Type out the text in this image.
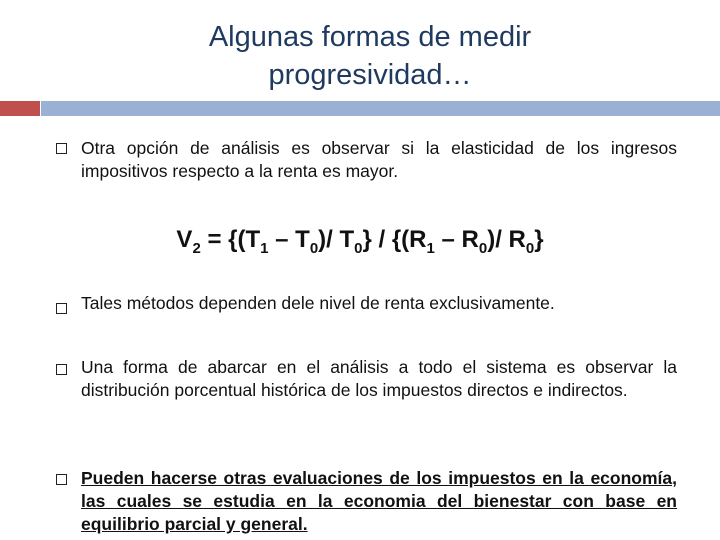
Algunas formas de medir
progresividad…
Otra opción de análisis es observar si la elasticidad de los ingresos impositivos respecto a la renta es mayor.
$V_2 = \{(T_1 - T_0)/$ $T_0\} / \{(R_1 - R_0)/$ $R_0$}
Tales métodos dependen dele nivel de renta exclusivamente.
Una forma de abarcar en el análisis a todo el sistema es observar la distribución porcentual histórica de los impuestos directos e indirectos.
Pueden hacerse otras evaluaciones de los impuestos en la economía, las cuales se estudia en la economia del bienestar con base en equilibrio parcial y general.
